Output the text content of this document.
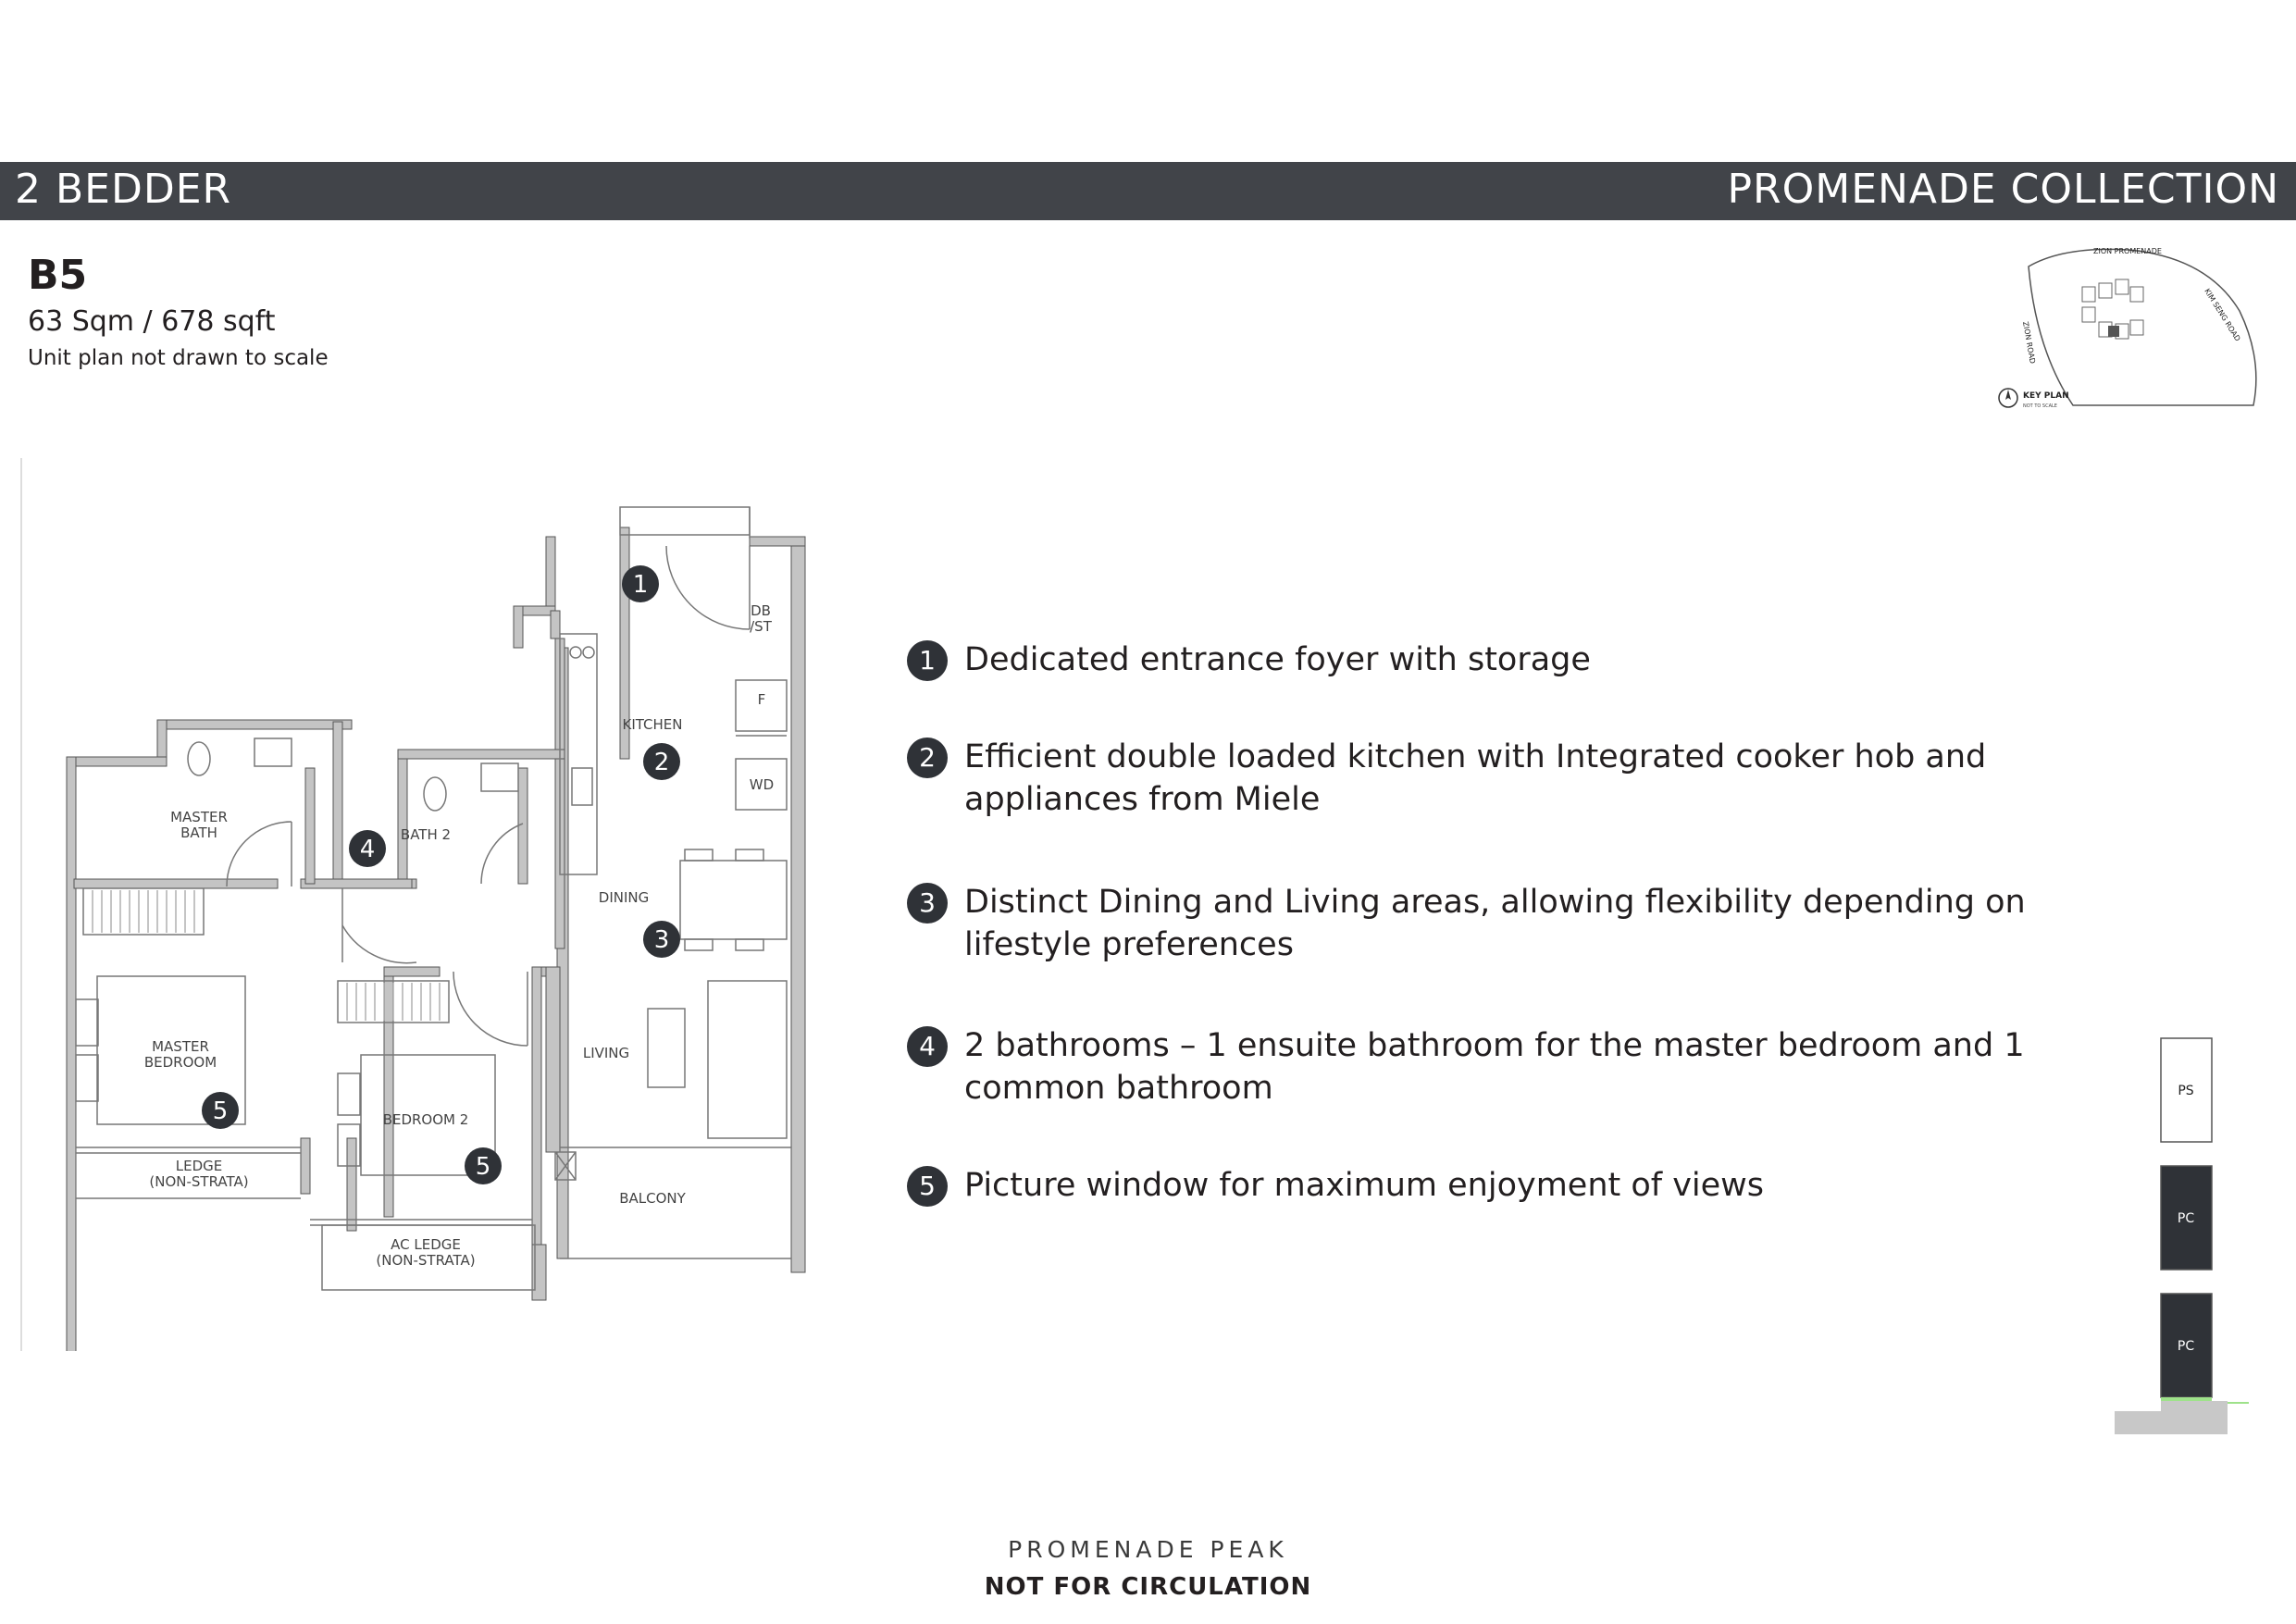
2 BEDDER	PROMENADE COLLECTION
B5
63 Sqm / 678 sqft
Unit plan not drawn to scale
ZION PROMENADE
KIM SENG ROAD
ZION ROAD
KEY PLAN
NOT TO SCALE
DB
/ST
F
WD
KITCHEN
MASTER
BATH	BATH 2
DINING
MASTER
BEDROOM
LIVING
BEDROOM 2
LEDGE
(NON-STRATA)
AC LEDGE
(NON-STRATA)
BALCONY
1
2
3
4
5
5
1 Dedicated entrance foyer with storage
2 Efficient double loaded kitchen with Integrated cooker hob and appliances from Miele
3 Distinct Dining and Living areas, allowing flexibility depending on lifestyle preferences
4 2 bathrooms – 1 ensuite bathroom for the master bedroom and 1 common bathroom
5 Picture window for maximum enjoyment of views
PS
PC
PC
PROMENADE PEAK
NOT FOR CIRCULATION
